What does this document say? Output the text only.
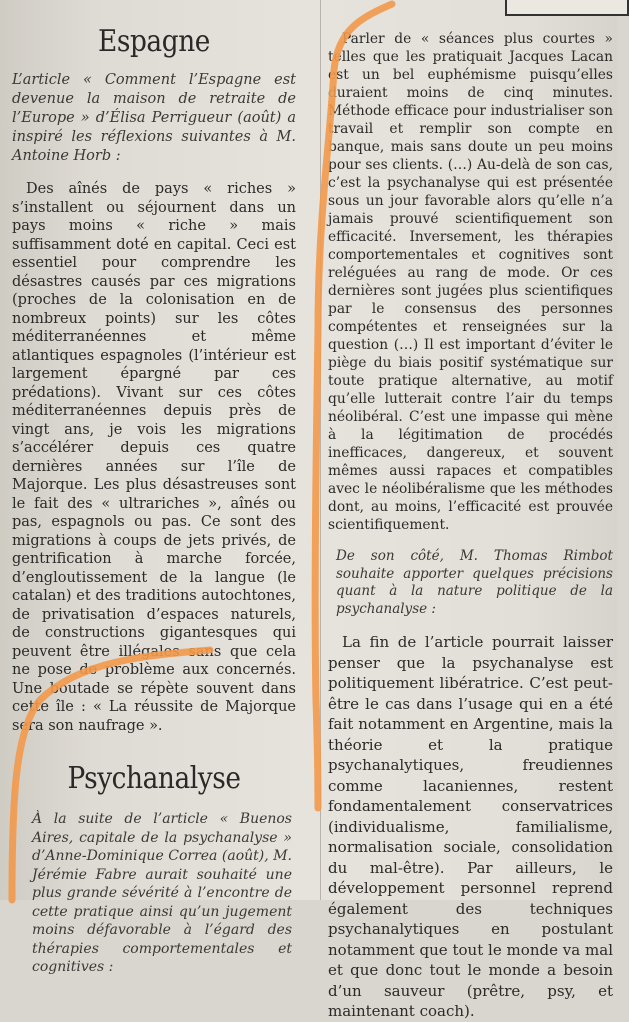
Espagne

L’article « Comment l’Espagne est devenue la maison de retraite de l’Europe » d’Élisa Perrigueur (août) a inspiré les réflexions suivantes à M. Antoine Horb :

Des aînés de pays « riches » s’installent ou séjournent dans un pays moins « riche » mais suffisamment doté en capital. Ceci est essentiel pour comprendre les désastres causés par ces migrations (proches de la colonisation en de nombreux points) sur les côtes méditerranéennes et même atlantiques espagnoles (l’intérieur est largement épargné par ces prédations). Vivant sur ces côtes méditerranéennes depuis près de vingt ans, je vois les migrations s’accélérer depuis ces quatre dernières années sur l’île de Majorque. Les plus désastreuses sont le fait des « ultrariches », aînés ou pas, espagnols ou pas. Ce sont des migrations à coups de jets privés, de gentrification à marche forcée, d’engloutissement de la langue (le catalan) et des traditions autochtones, de privatisation d’espaces naturels, de constructions gigantesques qui peuvent être illégales sans que cela ne pose de problème aux concernés. Une boutade se répète souvent dans cette île : « La réussite de Majorque sera son naufrage ».

Psychanalyse

À la suite de l’article « Buenos Aires, capitale de la psychanalyse » d’Anne-Dominique Correa (août), M. Jérémie Fabre aurait souhaité une plus grande sévérité à l’encontre de cette pratique ainsi qu’un jugement moins défavorable à l’égard des thérapies comportementales et cognitives :

Parler de « séances plus courtes » telles que les pratiquait Jacques Lacan est un bel euphémisme puisqu’elles duraient moins de cinq minutes. Méthode efficace pour industrialiser son travail et remplir son compte en banque, mais sans doute un peu moins pour ses clients. (…) Au-delà de son cas, c’est la psychanalyse qui est présentée sous un jour favorable alors qu’elle n’a jamais prouvé scientifiquement son efficacité. Inversement, les thérapies comportementales et cognitives sont reléguées au rang de mode. Or ces dernières sont jugées plus scientifiques par le consensus des personnes compétentes et renseignées sur la question (…) Il est important d’éviter le piège du biais positif systématique sur toute pratique alternative, au motif qu’elle lutterait contre l’air du temps néolibéral. C’est une impasse qui mène à la légitimation de procédés inefficaces, dangereux, et souvent mêmes aussi rapaces et compatibles avec le néolibéralisme que les méthodes dont, au moins, l’efficacité est prouvée scientifiquement.

De son côté, M. Thomas Rimbot souhaite apporter quelques précisions quant à la nature politique de la psychanalyse :

La fin de l’article pourrait laisser penser que la psychanalyse est politiquement libératrice. C’est peut-être le cas dans l’usage qui en a été fait notamment en Argentine, mais la théorie et la pratique psychanalytiques, freudiennes comme lacaniennes, restent fondamentalement conservatrices (individualisme, familialisme, normalisation sociale, consolidation du mal-être). Par ailleurs, le développement personnel reprend également des techniques psychanalytiques en postulant notamment que tout le monde va mal et que donc tout le monde a besoin d’un sauveur (prêtre, psy, et maintenant coach).
